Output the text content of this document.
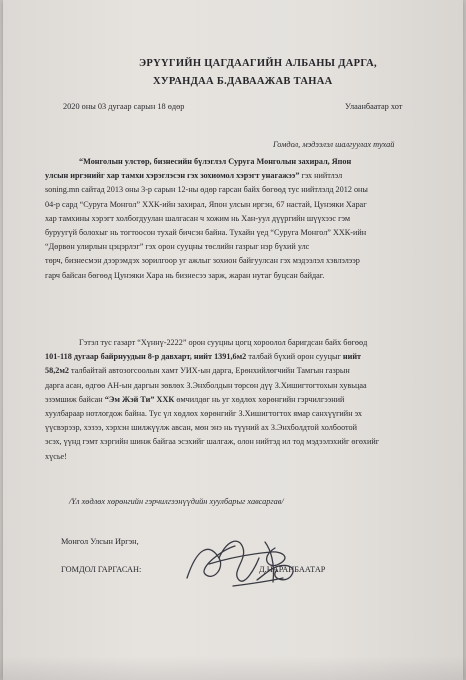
ЭРҮҮГИЙН ЦАГДААГИЙН АЛБАНЫ ДАРГА,
ХУРАНДАА Б.ДАВААЖАВ ТАНАА
2020 оны 03 дугаар сарын 18 өдөр	Улаанбаатар хот
Гомдол, мэдээлэл шалгуулах тухай
“Монголын улстөр, бизнесийн бүлэглэл Суруга Монголын захирал, Япон
улсын иргэнийг хар тамхи хэрэглэсэн гэх зохиомол хэрэгт унагажээ” гэх нийтлэл
soning.mn сайтад 2013 оны 3-р сарын 12-ны өдөр гарсан байх бөгөөд тус нийтлэлд 2012 оны
04-р сард “Суруга Монгол” ХХК-ийн захирал, Япон улсын иргэн, 67 настай, Цунэяки Хараг
хар тамхины хэрэгт холбогдуулан шалгасан ч хожим нь Хан-уул дүүргийн шүүхээс гэм
буруугүй болохыг нь тогтоосон тухай бичсэн байна. Тухайн үед “Суруга Монгол” ХХК-ийн
“Дөрвөн улирлын цэцэрлэг” гэх орон сууцны төслийн газрыг нэр бүхий улс
төрч, бизнесмэн дээрэмдэх зорилгоор уг ажлыг зохион байгуулсан гэх мэдээлэл хэвлэлээр
гарч байсан бөгөөд Цунэяки Хара нь бизнесээ зарж, жаран нутаг буцсан байдаг.
Гэтэл тус газарт “Хүннү-2222” орон сууцны цогц хороолол баригдсан байх бөгөөд
101-118 дугаар байрнуудын 8-р давхарт, нийт 1391,6м2 талбай бүхий орон сууцыг нийт
58,2м2 талбайтай автозогсоолын хамт УИХ-ын дарга, Ерөнхийлөгчийн Тамгын газрын
дарга асан, өдгөө АН-ын даргын зөвлөх З.Энхболдын төрсөн дүү З.Хишигтогтохын хувьцаа
эзэмшиж байсан “Эм Жэй Ти” ХХК өмчилдөг нь уг хөдлөх хөрөнгийн гэрчилгээний
хуулбараар нотлогдож байна. Тус үл хөдлөх хөрөнгийг З.Хишигтогтох ямар санхүүгийн эх
үүсвэрээр, хэзээ, хэрхэн шилжүүлж авсан, мөн энэ нь түүний ах З.Энхболдтой холбоотой
эсэх, үүнд гэмт хэргийн шинж байгаа эсэхийг шалгаж, олон нийтэд ил тод мэдээлэхийг өгөхийг
хүсье!
/Үл хөдлөх хөрөнгийн гэрчилгээнүүдийн хуулбарыг хавсаргав/
Монгол Улсын Иргэн,
ГОМДОЛ ГАРГАСАН:	Д.НАРАНБААТАР
